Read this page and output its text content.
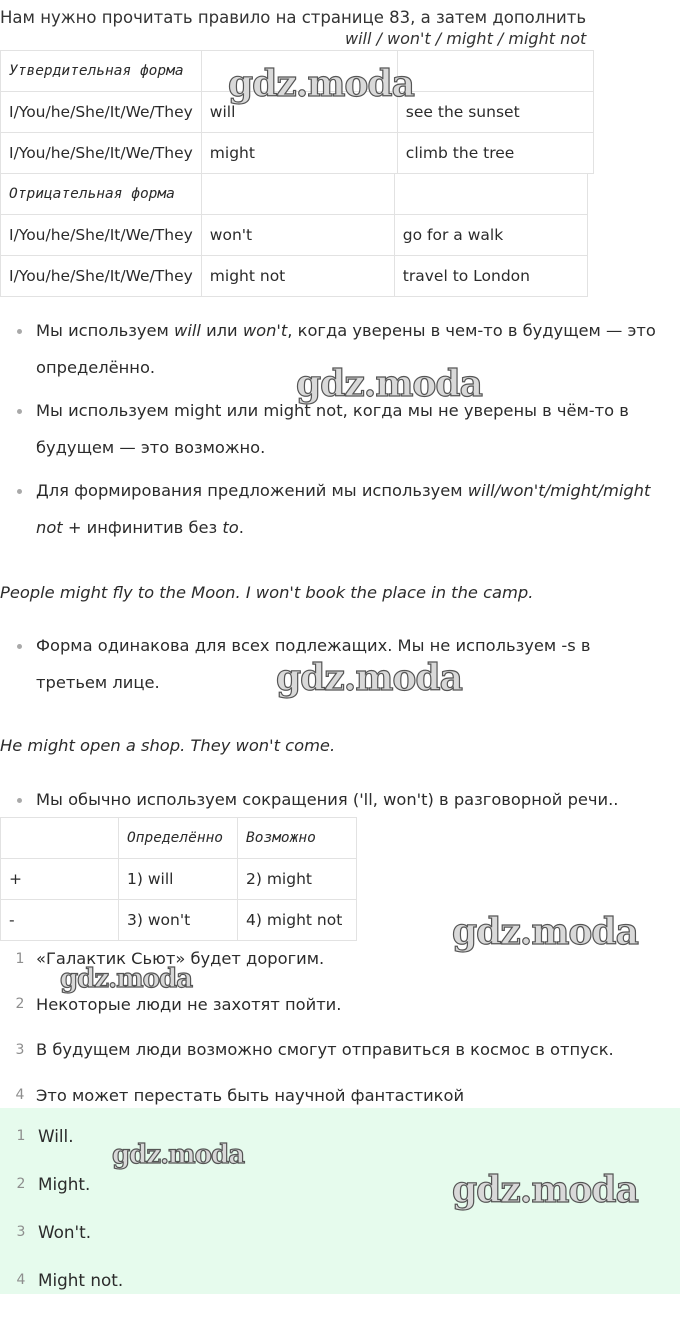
Нам нужно прочитать правило на странице 83, а затем дополнить

will / won't / might / might not
Утвердительная форма		
I/You/he/She/It/We/They	will	see the sunset
I/You/he/She/It/We/They	might	climb the tree
Отрицательная форма		
I/You/he/She/It/We/They	won't	go for a walk
I/You/he/She/It/We/They	might not	travel to London
Мы используем will или won't, когда уверены в чем-то в будущем — это определённо.
Мы используем might или might not, когда мы не уверены в чём-то в будущем — это возможно.
Для формирования предложений мы используем will/won't/might/might not + инфинитив без to.

People might fly to the Moon. I won't book the place in the camp.

Форма одинакова для всех подлежащих. Мы не используем -s в третьем лице.

He might open a shop. They won't come.

Мы обычно используем сокращения ('ll, won't) в разговорной речи..
	Определённо	Возможно
+	1) will	2) might
-	3) won't	4) might not
1 «Галактик Сьют» будет дорогим.
2 Некоторые люди не захотят пойти.
3 В будущем люди возможно смогут отправиться в космос в отпуск.
4 Это может перестать быть научной фантастикой
1 Will.
2 Might.
3 Won't.
4 Might not.
gdz.moda
gdz.moda
gdz.moda
gdz.moda
gdz.moda
gdz.moda
gdz.moda
